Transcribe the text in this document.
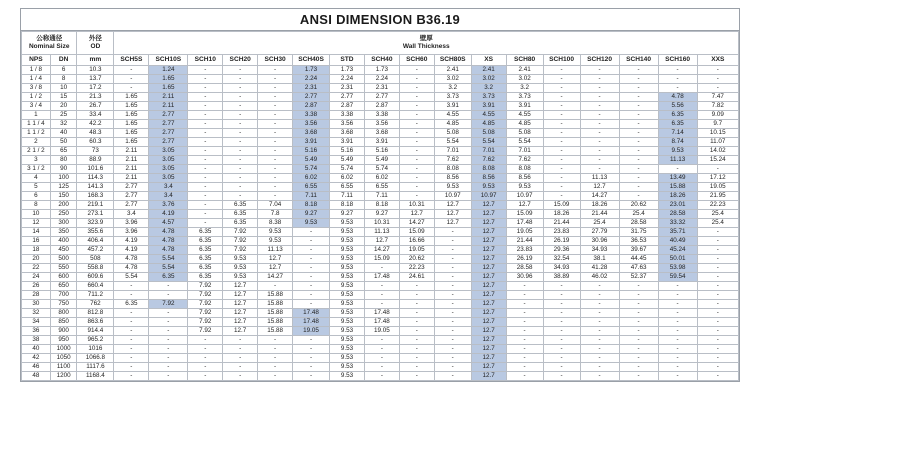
ANSI DIMENSION B36.19
公称通径
Nominal Size		外径
OD	壁厚
Wall Thickness																

NPS	DN	mm	SCH5S	SCH10S	SCH10	SCH20	SCH30	SCH40S	STD	SCH40	SCH60	SCH80S	XS	SCH80	SCH100	SCH120	SCH140	SCH160	XXS
1 / 8	6	10.3	-	1.24	-	-	-	1.73	1.73	1.73	-	2.41	2.41	2.41	-	-	-	-	-
1 / 4	8	13.7	-	1.65	-	-	-	2.24	2.24	2.24	-	3.02	3.02	3.02	-	-	-	-	-
3 / 8	10	17.2	-	1.65	-	-	-	2.31	2.31	2.31	-	3.2	3.2	3.2	-	-	-	-	-
1 / 2	15	21.3	1.65	2.11	-	-	-	2.77	2.77	2.77	-	3.73	3.73	3.73	-	-	-	4.78	7.47
3 / 4	20	26.7	1.65	2.11	-	-	-	2.87	2.87	2.87	-	3.91	3.91	3.91	-	-	-	5.56	7.82
1	25	33.4	1.65	2.77	-	-	-	3.38	3.38	3.38	-	4.55	4.55	4.55	-	-	-	6.35	9.09
1 1 / 4	32	42.2	1.65	2.77	-	-	-	3.56	3.56	3.56	-	4.85	4.85	4.85	-	-	-	6.35	9.7
1 1 / 2	40	48.3	1.65	2.77	-	-	-	3.68	3.68	3.68	-	5.08	5.08	5.08	-	-	-	7.14	10.15
2	50	60.3	1.65	2.77	-	-	-	3.91	3.91	3.91	-	5.54	5.54	5.54	-	-	-	8.74	11.07
2 1 / 2	65	73	2.11	3.05	-	-	-	5.16	5.16	5.16	-	7.01	7.01	7.01	-	-	-	9.53	14.02
3	80	88.9	2.11	3.05	-	-	-	5.49	5.49	5.49	-	7.62	7.62	7.62	-	-	-	11.13	15.24
3 1 / 2	90	101.6	2.11	3.05	-	-	-	5.74	5.74	5.74	-	8.08	8.08	8.08	-	-	-	-	-
4	100	114.3	2.11	3.05	-	-	-	6.02	6.02	6.02	-	8.56	8.56	8.56	-	11.13	-	13.49	17.12
5	125	141.3	2.77	3.4	-	-	-	6.55	6.55	6.55	-	9.53	9.53	9.53	-	12.7	-	15.88	19.05
6	150	168.3	2.77	3.4	-	-	-	7.11	7.11	7.11	-	10.97	10.97	10.97	-	14.27	-	18.26	21.95
8	200	219.1	2.77	3.76	-	6.35	7.04	8.18	8.18	8.18	10.31	12.7	12.7	12.7	15.09	18.26	20.62	23.01	22.23
10	250	273.1	3.4	4.19	-	6.35	7.8	9.27	9.27	9.27	12.7	12.7	12.7	15.09	18.26	21.44	25.4	28.58	25.4
12	300	323.9	3.96	4.57	-	6.35	8.38	9.53	9.53	10.31	14.27	12.7	12.7	17.48	21.44	25.4	28.58	33.32	25.4
14	350	355.6	3.96	4.78	6.35	7.92	9.53	-	9.53	11.13	15.09	-	12.7	19.05	23.83	27.79	31.75	35.71	-
16	400	406.4	4.19	4.78	6.35	7.92	9.53	-	9.53	12.7	16.66	-	12.7	21.44	26.19	30.96	36.53	40.49	-
18	450	457.2	4.19	4.78	6.35	7.92	11.13	-	9.53	14.27	19.05	-	12.7	23.83	29.36	34.93	39.67	45.24	-
20	500	508	4.78	5.54	6.35	9.53	12.7	-	9.53	15.09	20.62	-	12.7	26.19	32.54	38.1	44.45	50.01	-
22	550	558.8	4.78	5.54	6.35	9.53	12.7	-	9.53	-	22.23	-	12.7	28.58	34.93	41.28	47.63	53.98	-
24	600	609.6	5.54	6.35	6.35	9.53	14.27	-	9.53	17.48	24.61	-	12.7	30.96	38.89	46.02	52.37	59.54	-
26	650	660.4	-	-	7.92	12.7	-	-	9.53	-	-	-	12.7	-	-	-	-	-	-
28	700	711.2	-	-	7.92	12.7	15.88	-	9.53	-	-	-	12.7	-	-	-	-	-	-
30	750	762	6.35	7.92	7.92	12.7	15.88	-	9.53	-	-	-	12.7	-	-	-	-	-	-
32	800	812.8	-	-	7.92	12.7	15.88	17.48	9.53	17.48	-	-	12.7	-	-	-	-	-	-
34	850	863.6	-	-	7.92	12.7	15.88	17.48	9.53	17.48	-	-	12.7	-	-	-	-	-	-
36	900	914.4	-	-	7.92	12.7	15.88	19.05	9.53	19.05	-	-	12.7	-	-	-	-	-	-
38	950	965.2	-	-	-	-	-	-	9.53	-	-	-	12.7	-	-	-	-	-	-
40	1000	1016	-	-	-	-	-	-	9.53	-	-	-	12.7	-	-	-	-	-	-
42	1050	1066.8	-	-	-	-	-	-	9.53	-	-	-	12.7	-	-	-	-	-	-
46	1100	1117.6	-	-	-	-	-	-	9.53	-	-	-	12.7	-	-	-	-	-	-
48	1200	1168.4	-	-	-	-	-	-	9.53	-	-	-	12.7	-	-	-	-	-	-
